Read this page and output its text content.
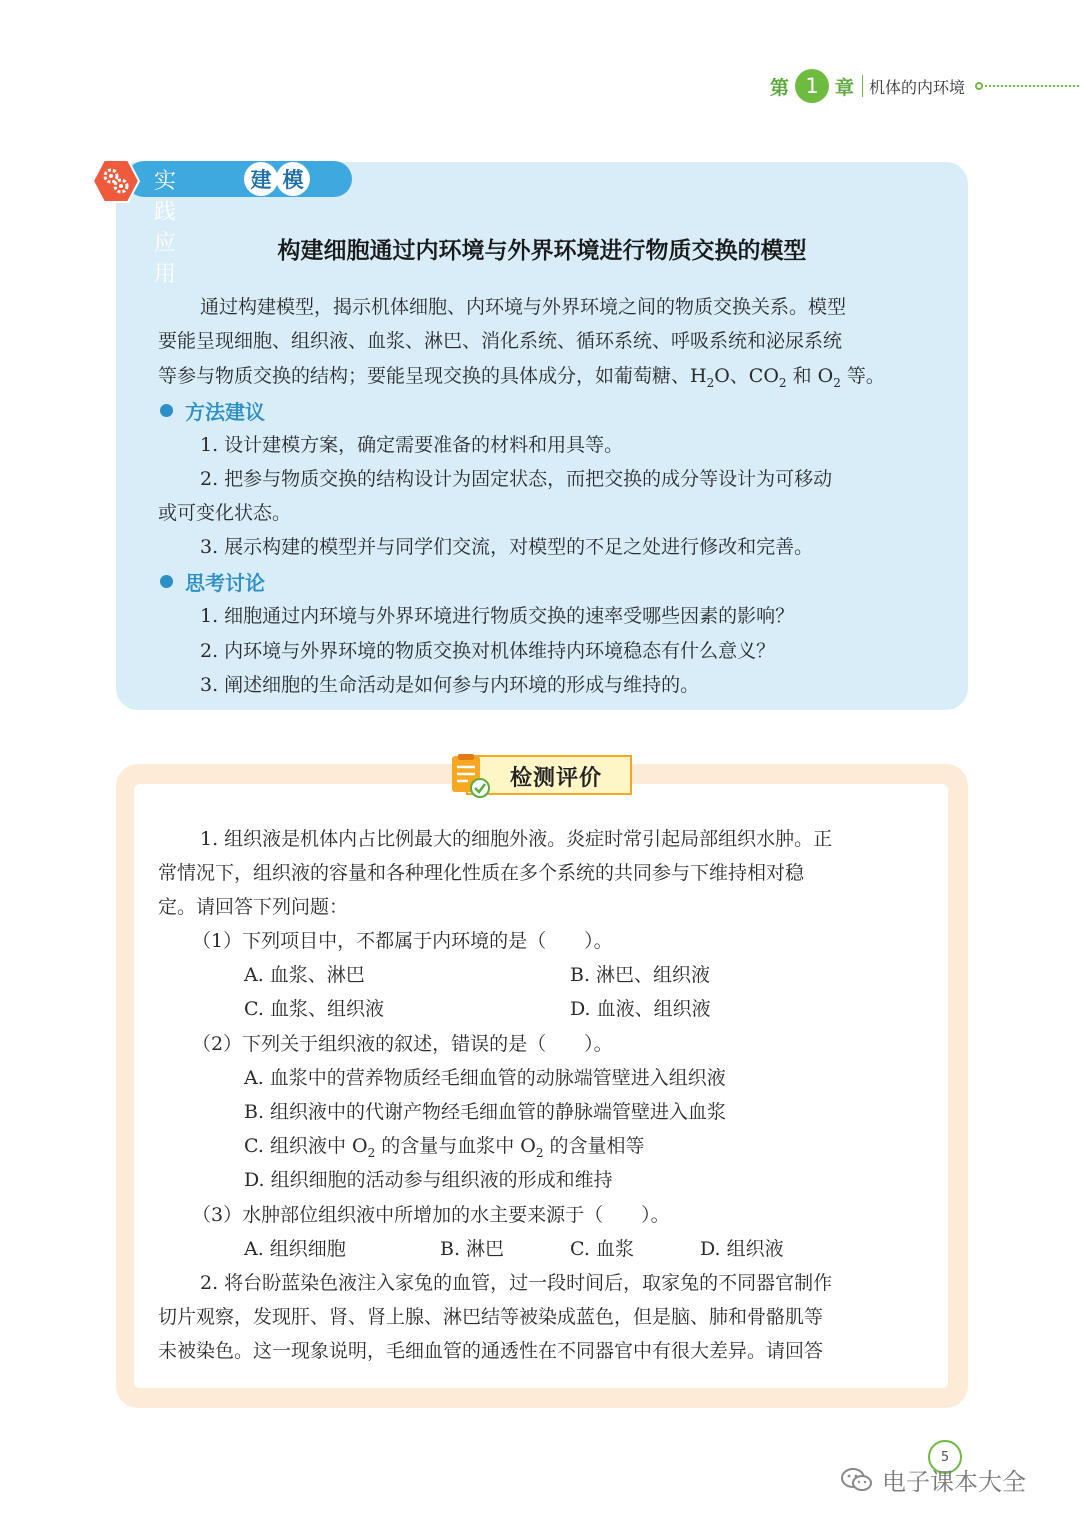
第 1 章 机体的内环境
实践应用
建 模
构建细胞通过内环境与外界环境进行物质交换的模型
通过构建模型，揭示机体细胞、内环境与外界环境之间的物质交换关系。模型
要能呈现细胞、组织液、血浆、淋巴、消化系统、循环系统、呼吸系统和泌尿系统
等参与物质交换的结构；要能呈现交换的具体成分，如葡萄糖、$H_2O$、$CO_2$ 和 $O_2$ 等。
方法建议
1. 设计建模方案，确定需要准备的材料和用具等。
2. 把参与物质交换的结构设计为固定状态，而把交换的成分等设计为可移动
或可变化状态。
3. 展示构建的模型并与同学们交流，对模型的不足之处进行修改和完善。
思考讨论
1. 细胞通过内环境与外界环境进行物质交换的速率受哪些因素的影响？
2. 内环境与外界环境的物质交换对机体维持内环境稳态有什么意义？
3. 阐述细胞的生命活动是如何参与内环境的形成与维持的。
检测评价
1. 组织液是机体内占比例最大的细胞外液。炎症时常引起局部组织水肿。正
常情况下，组织液的容量和各种理化性质在多个系统的共同参与下维持相对稳
定。请回答下列问题：
（1）下列项目中，不都属于内环境的是（　　）。
A. 血浆、淋巴	B. 淋巴、组织液
C. 血浆、组织液	D. 血液、组织液
（2）下列关于组织液的叙述，错误的是（　　）。
A. 血浆中的营养物质经毛细血管的动脉端管壁进入组织液
B. 组织液中的代谢产物经毛细血管的静脉端管壁进入血浆
C. 组织液中 $O_2$ 的含量与血浆中 $O_2$ 的含量相等
D. 组织细胞的活动参与组织液的形成和维持
（3）水肿部位组织液中所增加的水主要来源于（　　）。
A. 组织细胞	B. 淋巴	C. 血浆	D. 组织液
2. 将台盼蓝染色液注入家兔的血管，过一段时间后，取家兔的不同器官制作
切片观察，发现肝、肾、肾上腺、淋巴结等被染成蓝色，但是脑、肺和骨骼肌等
未被染色。这一现象说明，毛细血管的通透性在不同器官中有很大差异。请回答
5
电子课本大全
